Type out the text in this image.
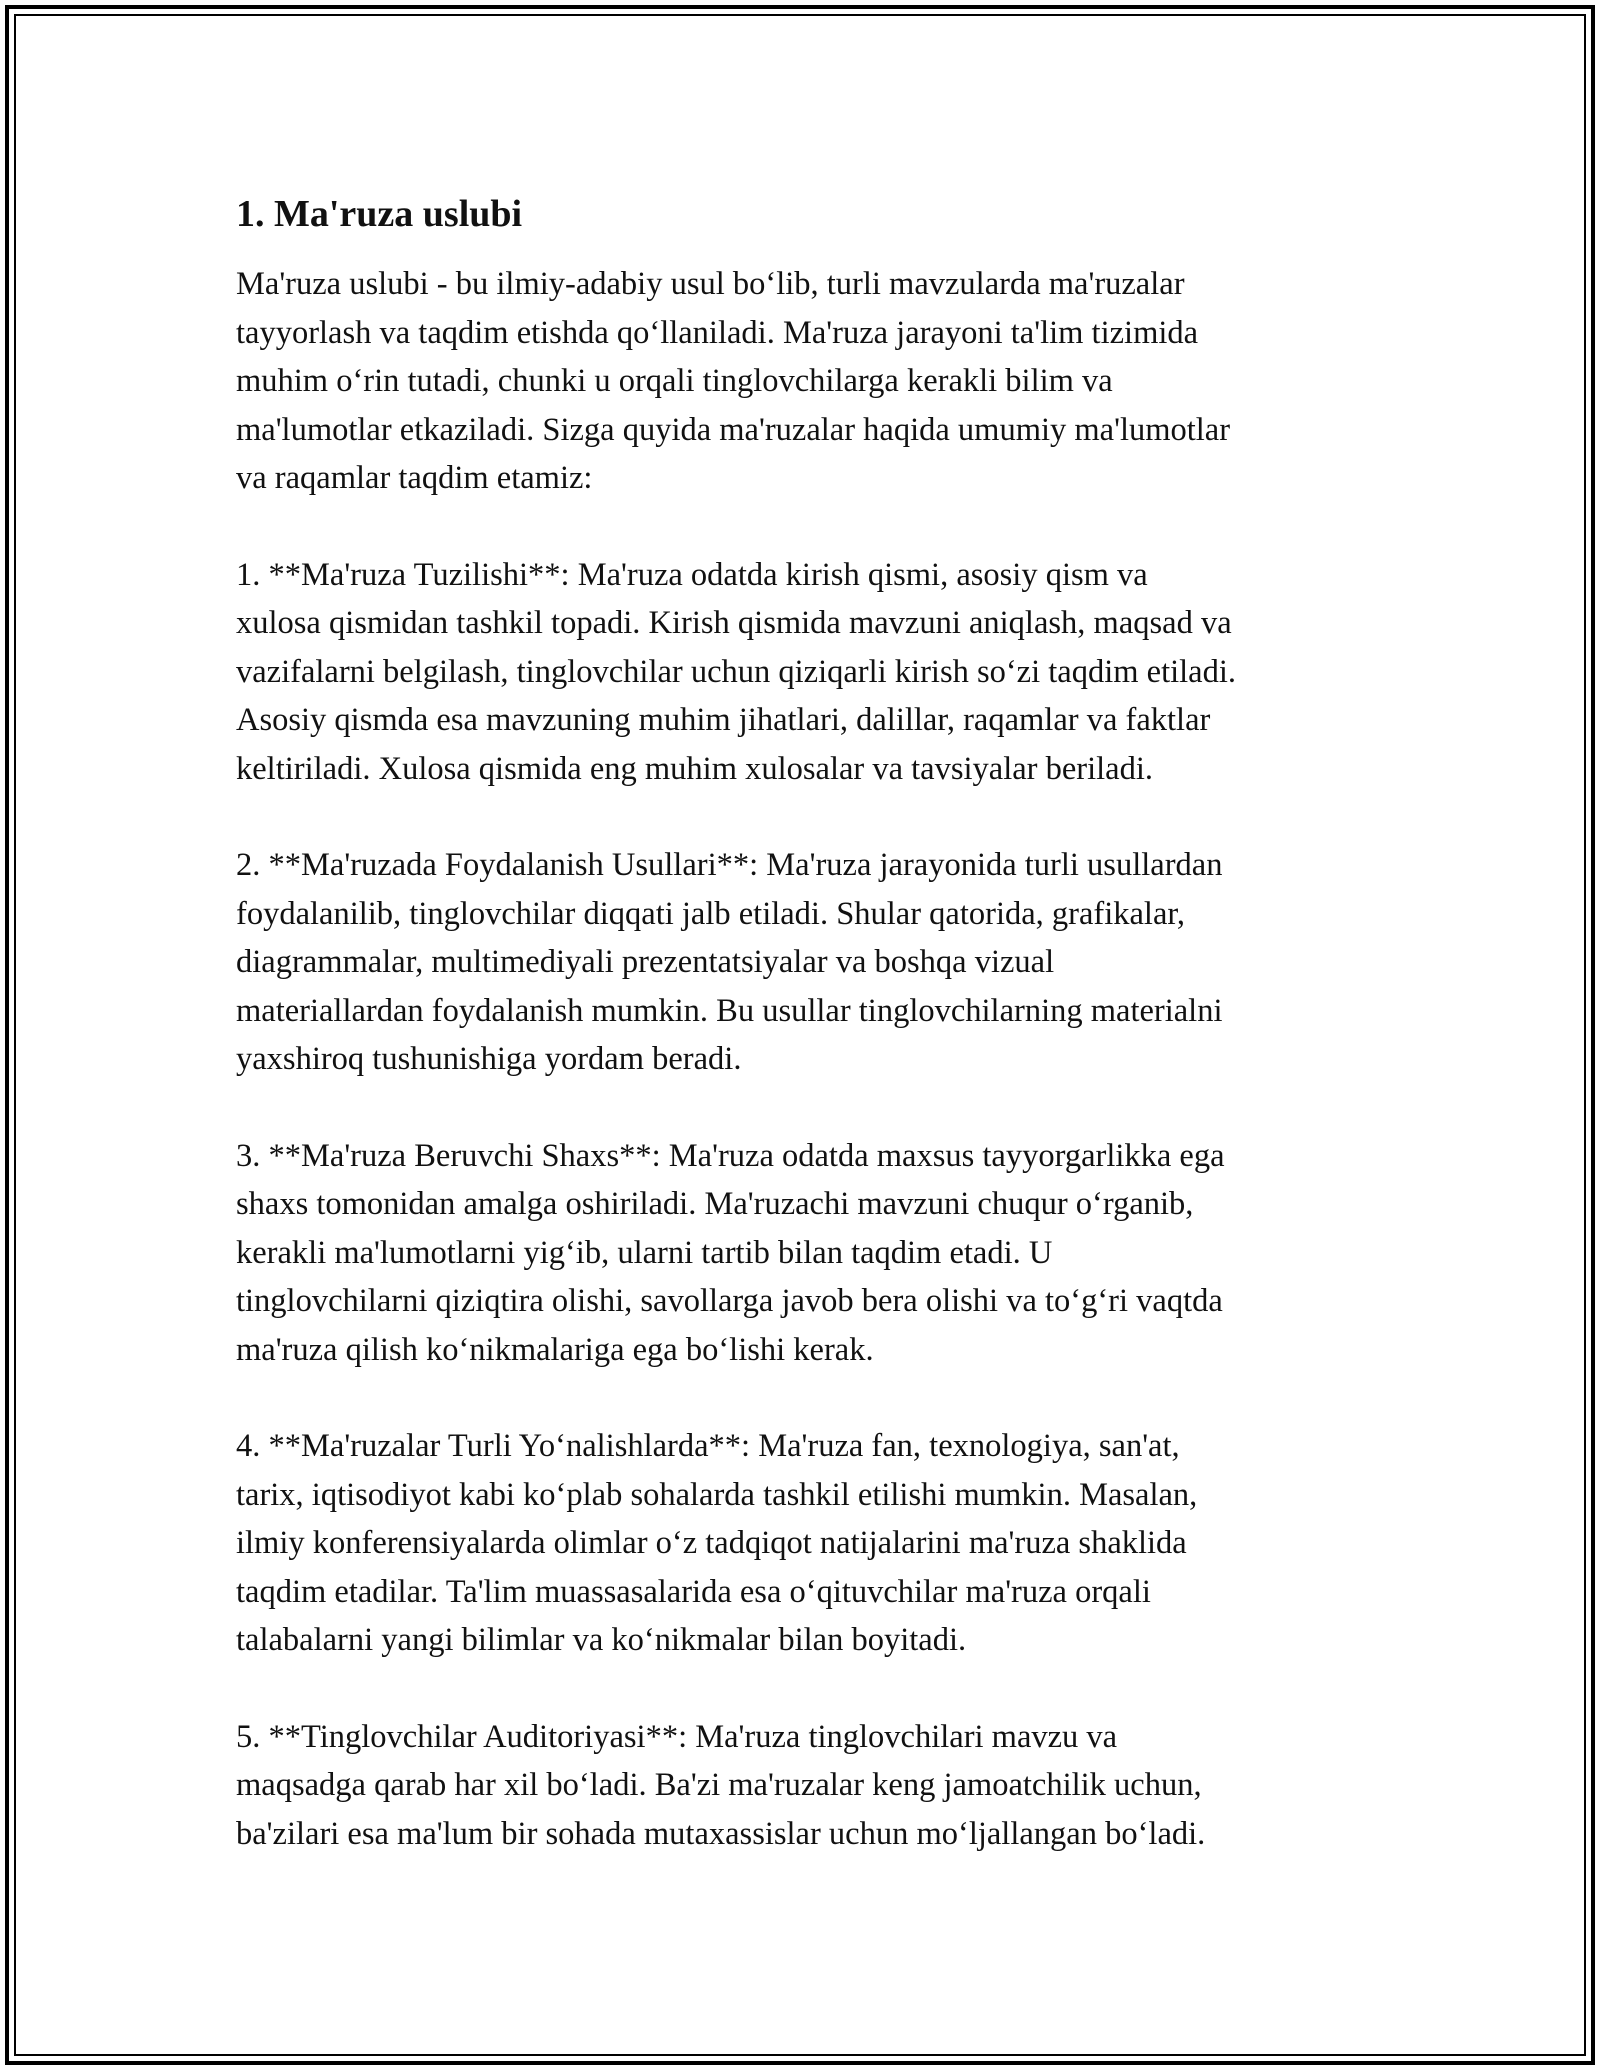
1. Ma'ruza uslubi

Ma'ruza uslubi - bu ilmiy-adabiy usul boʻlib, turli mavzularda ma'ruzalar
tayyorlash va taqdim etishda qoʻllaniladi. Ma'ruza jarayoni ta'lim tizimida
muhim oʻrin tutadi, chunki u orqali tinglovchilarga kerakli bilim va
ma'lumotlar etkaziladi. Sizga quyida ma'ruzalar haqida umumiy ma'lumotlar
va raqamlar taqdim etamiz:

1. **Ma'ruza Tuzilishi**: Ma'ruza odatda kirish qismi, asosiy qism va
xulosa qismidan tashkil topadi. Kirish qismida mavzuni aniqlash, maqsad va
vazifalarni belgilash, tinglovchilar uchun qiziqarli kirish soʻzi taqdim etiladi.
Asosiy qismda esa mavzuning muhim jihatlari, dalillar, raqamlar va faktlar
keltiriladi. Xulosa qismida eng muhim xulosalar va tavsiyalar beriladi.

2. **Ma'ruzada Foydalanish Usullari**: Ma'ruza jarayonida turli usullardan
foydalanilib, tinglovchilar diqqati jalb etiladi. Shular qatorida, grafikalar,
diagrammalar, multimediyali prezentatsiyalar va boshqa vizual
materiallardan foydalanish mumkin. Bu usullar tinglovchilarning materialni
yaxshiroq tushunishiga yordam beradi.

3. **Ma'ruza Beruvchi Shaxs**: Ma'ruza odatda maxsus tayyorgarlikka ega
shaxs tomonidan amalga oshiriladi. Ma'ruzachi mavzuni chuqur oʻrganib,
kerakli ma'lumotlarni yigʻib, ularni tartib bilan taqdim etadi. U
tinglovchilarni qiziqtira olishi, savollarga javob bera olishi va toʻgʻri vaqtda
ma'ruza qilish koʻnikmalariga ega boʻlishi kerak.

4. **Ma'ruzalar Turli Yoʻnalishlarda**: Ma'ruza fan, texnologiya, san'at,
tarix, iqtisodiyot kabi koʻplab sohalarda tashkil etilishi mumkin. Masalan,
ilmiy konferensiyalarda olimlar oʻz tadqiqot natijalarini ma'ruza shaklida
taqdim etadilar. Ta'lim muassasalarida esa oʻqituvchilar ma'ruza orqali
talabalarni yangi bilimlar va koʻnikmalar bilan boyitadi.

5. **Tinglovchilar Auditoriyasi**: Ma'ruza tinglovchilari mavzu va
maqsadga qarab har xil boʻladi. Ba'zi ma'ruzalar keng jamoatchilik uchun,
ba'zilari esa ma'lum bir sohada mutaxassislar uchun moʻljallangan boʻladi.
